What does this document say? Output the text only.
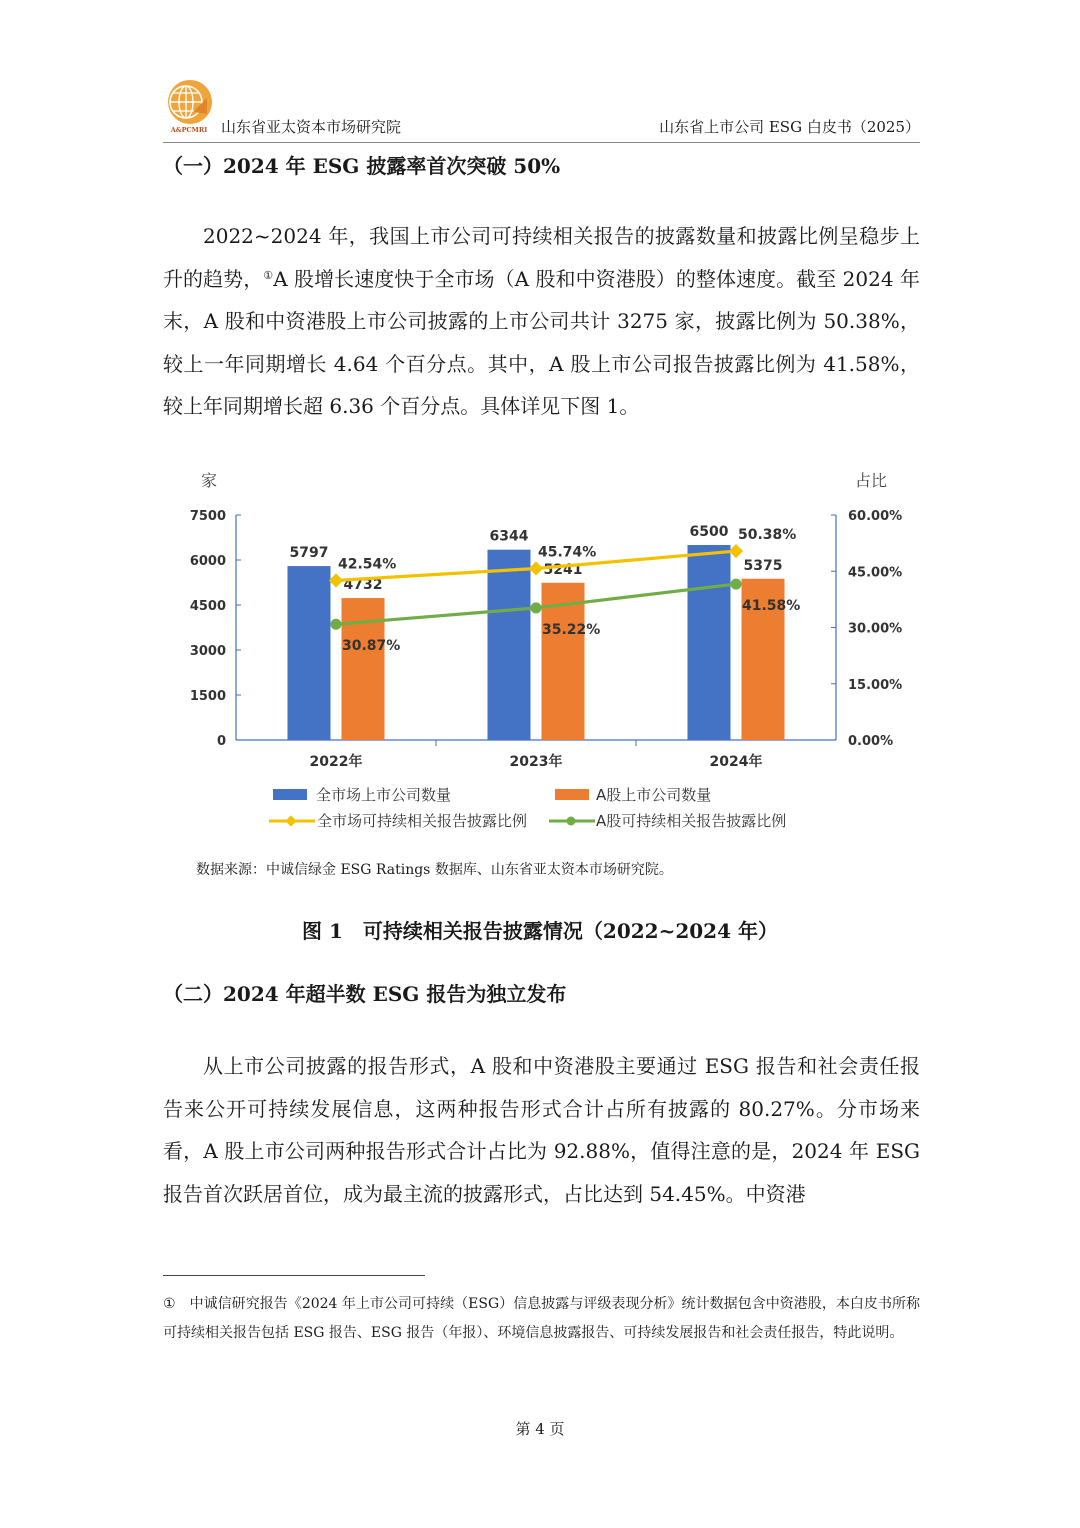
A&PCMRI 山东省亚太资本市场研究院	山东省上市公司 ESG 白皮书（2025）
（一）2024 年 ESG 披露率首次突破 50%

2022~2024 年，我国上市公司可持续相关报告的披露数量和披露比例呈稳步上升的趋势，①A 股增长速度快于全市场（A 股和中资港股）的整体速度。截至 2024 年末，A 股和中资港股上市公司披露的上市公司共计 3275 家，披露比例为 50.38%，较上一年同期增长 4.64 个百分点。其中，A 股上市公司报告披露比例为 41.58%，较上年同期增长超 6.36 个百分点。具体详见下图 1。

家	占比
0
1500
3000
4500
6000
7500
0.00%
15.00%
30.00%
45.00%
60.00%
2022年	2023年	2024年
5797
6344	6500
4732
5241	5375
42.54%
45.74%
50.38%
30.87%
35.22%
41.58%
全市场上市公司数量	A股上市公司数量
全市场可持续相关报告披露比例	A股可持续相关报告披露比例
数据来源：中诚信绿金 ESG Ratings 数据库、山东省亚太资本市场研究院。
图 1　可持续相关报告披露情况（2022~2024 年）
（二）2024 年超半数 ESG 报告为独立发布

从上市公司披露的报告形式，A 股和中资港股主要通过 ESG 报告和社会责任报告来公开可持续发展信息，这两种报告形式合计占所有披露的 80.27%。分市场来看，A 股上市公司两种报告形式合计占比为 92.88%，值得注意的是，2024 年 ESG 报告首次跃居首位，成为最主流的披露形式，占比达到 54.45%。中资港

① 中诚信研究报告《2024 年上市公司可持续（ESG）信息披露与评级表现分析》统计数据包含中资港股，本白皮书所称可持续相关报告包括 ESG 报告、ESG 报告（年报）、环境信息披露报告、可持续发展报告和社会责任报告，特此说明。
第 4 页
